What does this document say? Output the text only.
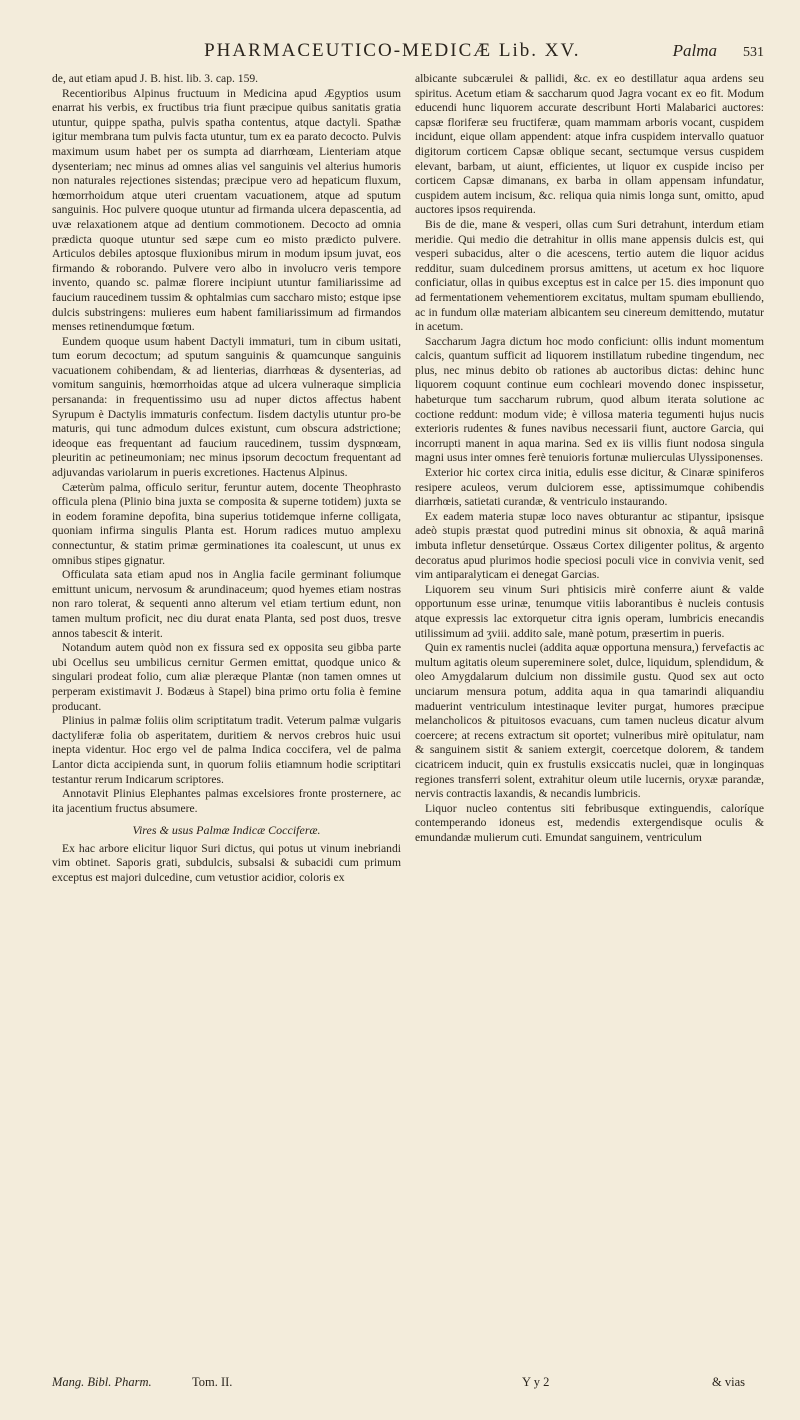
PHARMACEUTICO-MEDICÆ Lib. XV.	Palma 531

de, aut etiam apud J. B. hist. lib. 3. cap. 159.

Recentioribus Alpinus fructuum in Medicina apud Ægyptios usum enarrat his verbis, ex fructibus tria fiunt præcipue quibus sanitatis gratia utuntur, quippe spatha, pulvis spatha contentus, atque dactyli. Spathæ igitur membrana tum pulvis facta utuntur, tum ex ea parato decocto. Pulvis maximum usum habet per os sumpta ad diarrhœam, Lienteriam atque dysenteriam; nec minus ad omnes alias vel sanguinis vel alterius humoris non naturales rejectiones sistendas; præcipue vero ad hepaticum fluxum, hœmorrhoidum atque uteri cruentam vacuationem, atque ad sputum sanguinis. Hoc pulvere quoque utuntur ad firmanda ulcera depascentia, ad uvæ relaxationem atque ad dentium commotionem. Decocto ad omnia prædicta quoque utuntur sed sæpe cum eo misto prædicto pulvere. Articulos debiles aptosque fluxionibus mirum in modum ipsum juvat, eos firmando & roborando. Pulvere vero albo in involucro veris tempore invento, quando sc. palmæ florere incipiunt utuntur familiarissime ad faucium raucedinem tussim & ophtalmias cum saccharo misto; estque ipse dulcis substringens: mulieres eum habent familiarissimum ad firmandos menses retinendumque fœtum.

Eundem quoque usum habent Dactyli immaturi, tum in cibum usitati, tum eorum decoctum; ad sputum sanguinis & quamcunque sanguinis vacuationem cohibendam, & ad lienterias, diarrhœas & dysenterias, ad vomitum sanguinis, hœmorrhoidas atque ad ulcera vulneraque simplicia persananda: in frequentissimo usu ad nuper dictos affectus habent Syrupum è Dactylis immaturis confectum. Iisdem dactylis utuntur pro-be maturis, qui tunc admodum dulces existunt, cum obscura adstrictione; ideoque eas frequentant ad faucium raucedinem, tussim dyspnœam, pleuritin ac petineumoniam; nec minus ipsorum decoctum frequentant ad adjuvandas variolarum in pueris excretiones. Hactenus Alpinus.

Cæterùm palma, officulo seritur, feruntur autem, docente Theophrasto officula plena (Plinio bina juxta se composita & superne totidem) juxta se in eodem foramine depofita, bina superius totidemque inferne colligata, quoniam infirma singulis Planta est. Horum radices mutuo amplexu connectuntur, & statim primæ germinationes ita coalescunt, ut unus ex omnibus stipes gignatur.

Officulata sata etiam apud nos in Anglia facile germinant foliumque emittunt unicum, nervosum & arundinaceum; quod hyemes etiam nostras non raro tolerat, & sequenti anno alterum vel etiam tertium edunt, non tamen multum proficit, nec diu durat enata Planta, sed post duos, tresve annos tabescit & interit.

Notandum autem quòd non ex fissura sed ex opposita seu gibba parte ubi Ocellus seu umbilicus cernitur Germen emittat, quodque unico & singulari prodeat folio, cum aliæ pleræque Plantæ (non tamen omnes ut perperam existimavit J. Bodæus à Stapel) bina primo ortu folia è femine producant.

Plinius in palmæ foliis olim scriptitatum tradit. Veterum palmæ vulgaris dactyliferæ folia ob asperitatem, duritiem & nervos crebros huic usui inepta videntur. Hoc ergo vel de palma Indica coccifera, vel de palma Lantor dicta accipienda sunt, in quorum foliis etiamnum hodie scriptitari testantur rerum Indicarum scriptores.

Annotavit Plinius Elephantes palmas excelsiores fronte prosternere, ac ita jacentium fructus absumere.

Vires & usus Palmæ Indicæ Cocciferæ.

Ex hac arbore elicitur liquor Suri dictus, qui potus ut vinum inebriandi vim obtinet. Saporis grati, subdulcis, subsalsi & subacidi cum primum exceptus est majori dulcedine, cum vetustior acidior, coloris ex

albicante subcærulei & pallidi, &c. ex eo destillatur aqua ardens seu spiritus. Acetum etiam & saccharum quod Jagra vocant ex eo fit. Modum educendi hunc liquorem accurate describunt Horti Malabarici auctores: capsæ floriferæ seu fructiferæ, quam mammam arboris vocant, cuspidem incidunt, eique ollam appendent: atque infra cuspidem intervallo quatuor digitorum corticem Capsæ oblique secant, sectumque versus cuspidem elevant, barbam, ut aiunt, efficientes, ut liquor ex cuspide inciso per corticem Capsæ dimanans, ex barba in ollam appensam infundatur, cuspidem autem incisum, &c. reliqua quia nimis longa sunt, omitto, apud auctores ipsos requirenda.

Bis de die, mane & vesperi, ollas cum Suri detrahunt, interdum etiam meridie. Qui medio die detrahitur in ollis mane appensis dulcis est, qui vesperi subacidus, alter o die acescens, tertio autem die liquor acidus redditur, suam dulcedinem prorsus amittens, ut acetum ex hoc liquore conficiatur, ollas in quibus exceptus est in calce per 15. dies imponunt quo ad fermentationem vehementiorem excitatus, multam spumam ebulliendo, ac in fundum ollæ materiam albicantem seu cinereum demittendo, mutatur in acetum.

Saccharum Jagra dictum hoc modo conficiunt: ollis indunt momentum calcis, quantum sufficit ad liquorem instillatum rubedine tingendum, nec plus, nec minus debito ob rationes ab auctoribus dictas: dehinc hunc liquorem coquunt continue eum cochleari movendo donec inspissetur, habeturque tum saccharum rubrum, quod album iterata solutione ac coctione reddunt: modum vide; è villosa materia tegumenti hujus nucis exterioris rudentes & funes navibus necessarii fiunt, auctore Garcia, qui incorrupti manent in aqua marina. Sed ex iis villis fiunt nodosa singula magni usus inter omnes ferè tenuioris fortunæ mulierculas Ulyssiponenses.

Exterior hic cortex circa initia, edulis esse dicitur, & Cinaræ spiniferos resipere aculeos, verum dulciorem esse, aptissimumque cohibendis diarrhœis, satietati curandæ, & ventriculo instaurando.

Ex eadem materia stupæ loco naves obturantur ac stipantur, ipsisque adeò stupis præstat quod putredini minus sit obnoxia, & aquâ marinâ imbuta infletur densetúrque. Ossæus Cortex diligenter politus, & argento decoratus apud plurimos hodie speciosi poculi vice in convivia venit, sed vim antiparalyticam ei denegat Garcias.

Liquorem seu vinum Suri phtisicis mirè conferre aiunt & valde opportunum esse urinæ, tenumque vitiis laborantibus è nucleis contusis atque expressis lac extorquetur citra ignis operam, lumbricis enecandis utilissimum ad ʒviii. addito sale, manè potum, præsertim in pueris.

Quin ex ramentis nuclei (addita aquæ opportuna mensura,) fervefactis ac multum agitatis oleum supereminere solet, dulce, liquidum, splendidum, & oleo Amygdalarum dulcium non dissimile gustu. Quod sex aut octo unciarum mensura potum, addita aqua in qua tamarindi aliquandiu maduerint ventriculum intestinaque leviter purgat, humores præcipue melancholicos & pituitosos evacuans, cum tamen nucleus dicatur alvum coercere; at recens extractum sit oportet; vulneribus mirè opitulatur, nam & sanguinem sistit & saniem extergit, coercetque dolorem, & tandem cicatricem inducit, quin ex frustulis exsiccatis nuclei, quæ in longinquas regiones transferri solent, extrahitur oleum utile lucernis, oryxæ parandæ, nervis contractis laxandis, & necandis lumbricis.

Liquor nucleo contentus siti febribusque extinguendis, caloríque contemperando idoneus est, medendis extergendisque oculis & emundandæ mulierum cuti. Emundat sanguinem, ventriculum

Mang. Bibl. Pharm.	Tom. II.	Y y 2	& vias
